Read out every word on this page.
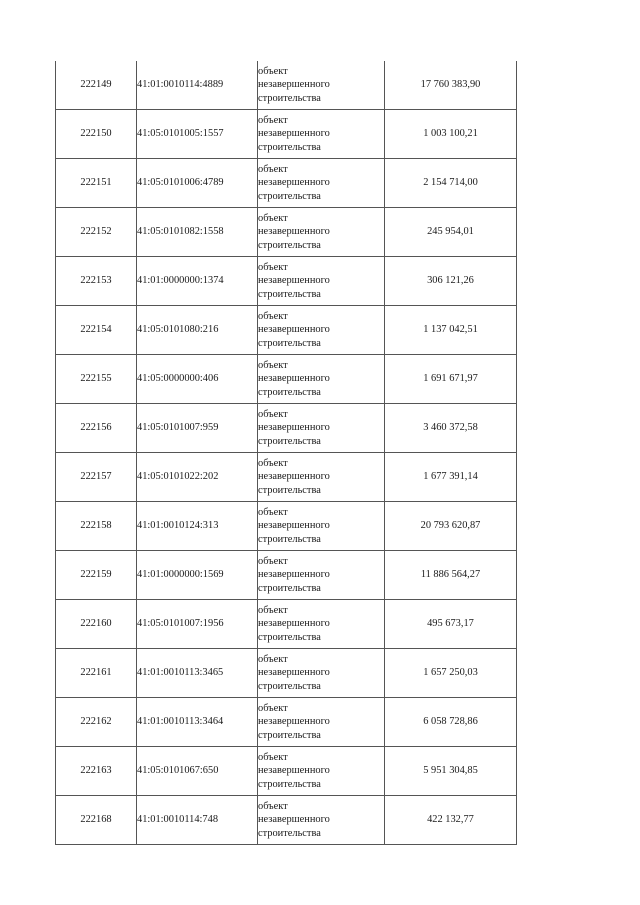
222149	41:01:0010114:4889	объект
незавершенного
строительства	17 760 383,90
222150	41:05:0101005:1557	объект
незавершенного
строительства	1 003 100,21
222151	41:05:0101006:4789	объект
незавершенного
строительства	2 154 714,00
222152	41:05:0101082:1558	объект
незавершенного
строительства	245 954,01
222153	41:01:0000000:1374	объект
незавершенного
строительства	306 121,26
222154	41:05:0101080:216	объект
незавершенного
строительства	1 137 042,51
222155	41:05:0000000:406	объект
незавершенного
строительства	1 691 671,97
222156	41:05:0101007:959	объект
незавершенного
строительства	3 460 372,58
222157	41:05:0101022:202	объект
незавершенного
строительства	1 677 391,14
222158	41:01:0010124:313	объект
незавершенного
строительства	20 793 620,87
222159	41:01:0000000:1569	объект
незавершенного
строительства	11 886 564,27
222160	41:05:0101007:1956	объект
незавершенного
строительства	495 673,17
222161	41:01:0010113:3465	объект
незавершенного
строительства	1 657 250,03
222162	41:01:0010113:3464	объект
незавершенного
строительства	6 058 728,86
222163	41:05:0101067:650	объект
незавершенного
строительства	5 951 304,85
222168	41:01:0010114:748	объект
незавершенного
строительства	422 132,77
